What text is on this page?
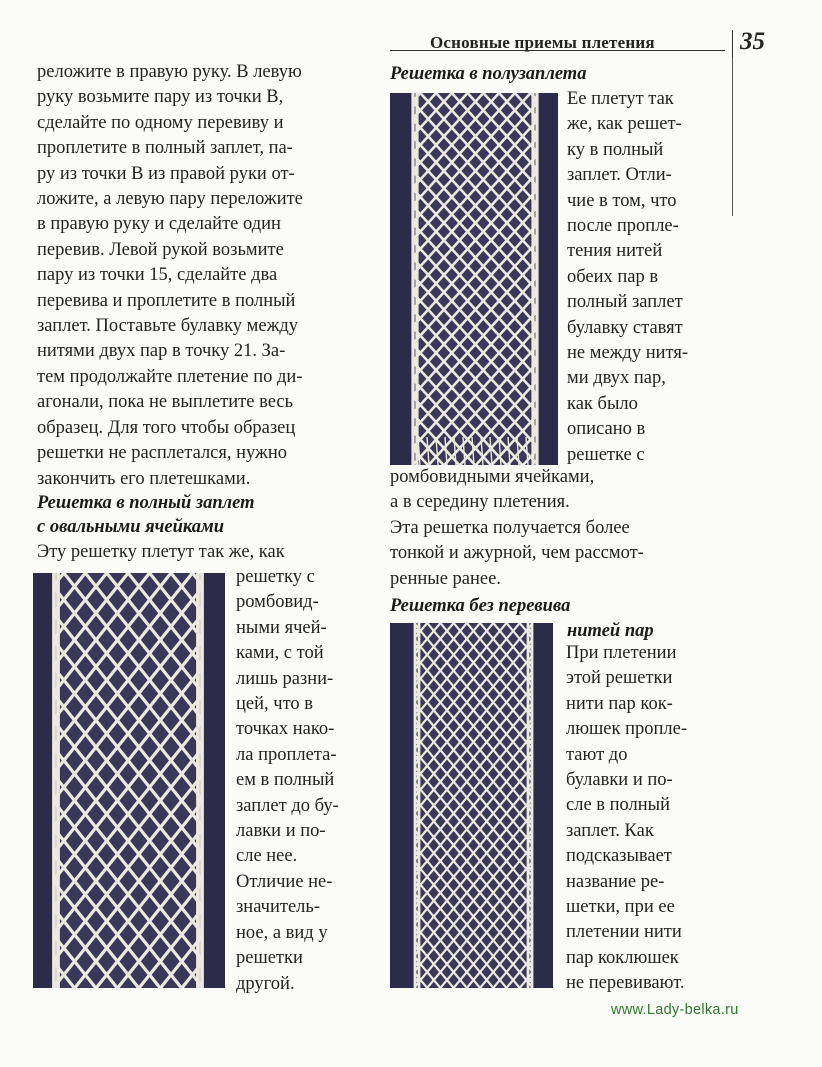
Основные приемы плетения	35
реложите в правую руку. В левую
руку возьмите пару из точки В,
сделайте по одному перевиву и
проплетите в полный заплет, па-
ру из точки В из правой руки от-
ложите, а левую пару переложите
в правую руку и сделайте один
перевив. Левой рукой возьмите
пару из точки 15, сделайте два
перевива и проплетите в полный
заплет. Поставьте булавку между
нитями двух пар в точку 21. За-
тем продолжайте плетение по ди-
агонали, пока не выплетите весь
образец. Для того чтобы образец
решетки не расплетался, нужно
закончить его плетешками.
Решетка в полный заплет
с овальными ячейками
Эту решетку плетут так же, как
решетку с
ромбовид-
ными ячей-
ками, с той
лишь разни-
цей, что в
точках нако-
ла проплета-
ем в полный
заплет до бу-
лавки и по-
сле нее.
Отличие не-
значитель-
ное, а вид у
решетки
другой.
Решетка в полузаплета
Ее плетут так
же, как решет-
ку в полный
заплет. Отли-
чие в том, что
после пропле-
тения нитей
обеих пар в
полный заплет
булавку ставят
не между нитя-
ми двух пар,
как было
описано в
решетке с
ромбовидными ячейками,
а в середину плетения.
Эта решетка получается более
тонкой и ажурной, чем рассмот-
ренные ранее.
Решетка без перевива
нитей пар
При плетении
этой решетки
нити пар кок-
люшек пропле-
тают до
булавки и по-
сле в полный
заплет. Как
подсказывает
название ре-
шетки, при ее
плетении нити
пар коклюшек
не перевивают.
www.Lady-belka.ru
